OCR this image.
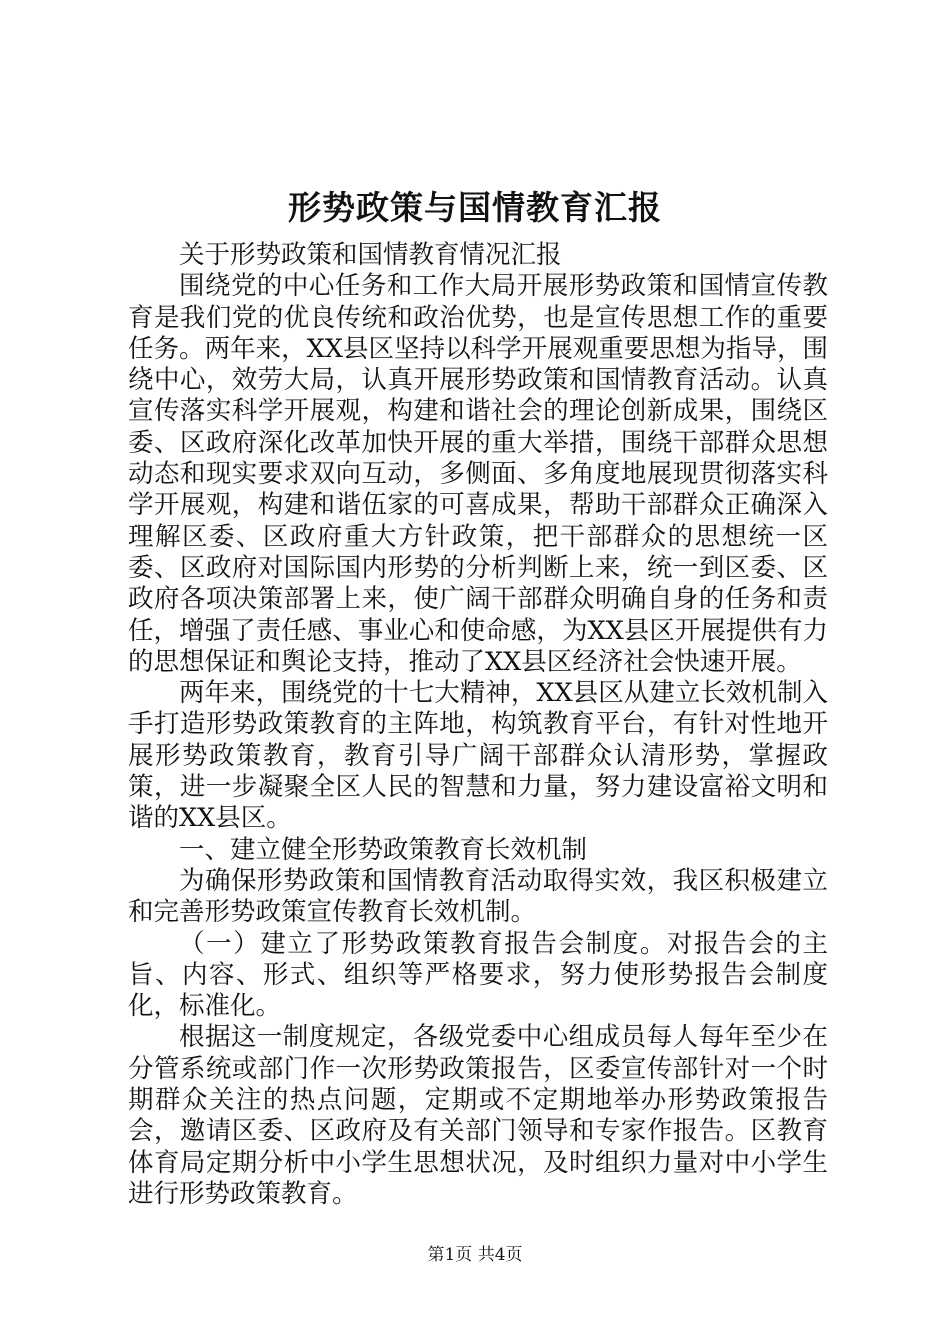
形势政策与国情教育汇报

关于形势政策和国情教育情况汇报

围绕党的中心任务和工作大局开展形势政策和国情宣传教育是我们党的优良传统和政治优势，也是宣传思想工作的重要任务。两年来，XX县区坚持以科学开展观重要思想为指导，围绕中心，效劳大局，认真开展形势政策和国情教育活动。认真宣传落实科学开展观，构建和谐社会的理论创新成果，围绕区委、区政府深化改革加快开展的重大举措，围绕干部群众思想动态和现实要求双向互动，多侧面、多角度地展现贯彻落实科学开展观，构建和谐伍家的可喜成果，帮助干部群众正确深入理解区委、区政府重大方针政策，把干部群众的思想统一区委、区政府对国际国内形势的分析判断上来，统一到区委、区政府各项决策部署上来，使广阔干部群众明确自身的任务和责任，增强了责任感、事业心和使命感，为XX县区开展提供有力的思想保证和舆论支持，推动了XX县区经济社会快速开展。

两年来，围绕党的十七大精神，XX县区从建立长效机制入手打造形势政策教育的主阵地，构筑教育平台，有针对性地开展形势政策教育，教育引导广阔干部群众认清形势，掌握政策，进一步凝聚全区人民的智慧和力量，努力建设富裕文明和谐的XX县区。

一、建立健全形势政策教育长效机制

为确保形势政策和国情教育活动取得实效，我区积极建立和完善形势政策宣传教育长效机制。

（一）建立了形势政策教育报告会制度。对报告会的主旨、内容、形式、组织等严格要求，努力使形势报告会制度化，标准化。

根据这一制度规定，各级党委中心组成员每人每年至少在分管系统或部门作一次形势政策报告，区委宣传部针对一个时期群众关注的热点问题，定期或不定期地举办形势政策报告会，邀请区委、区政府及有关部门领导和专家作报告。区教育体育局定期分析中小学生思想状况，及时组织力量对中小学生进行形势政策教育。

第1页 共4页
